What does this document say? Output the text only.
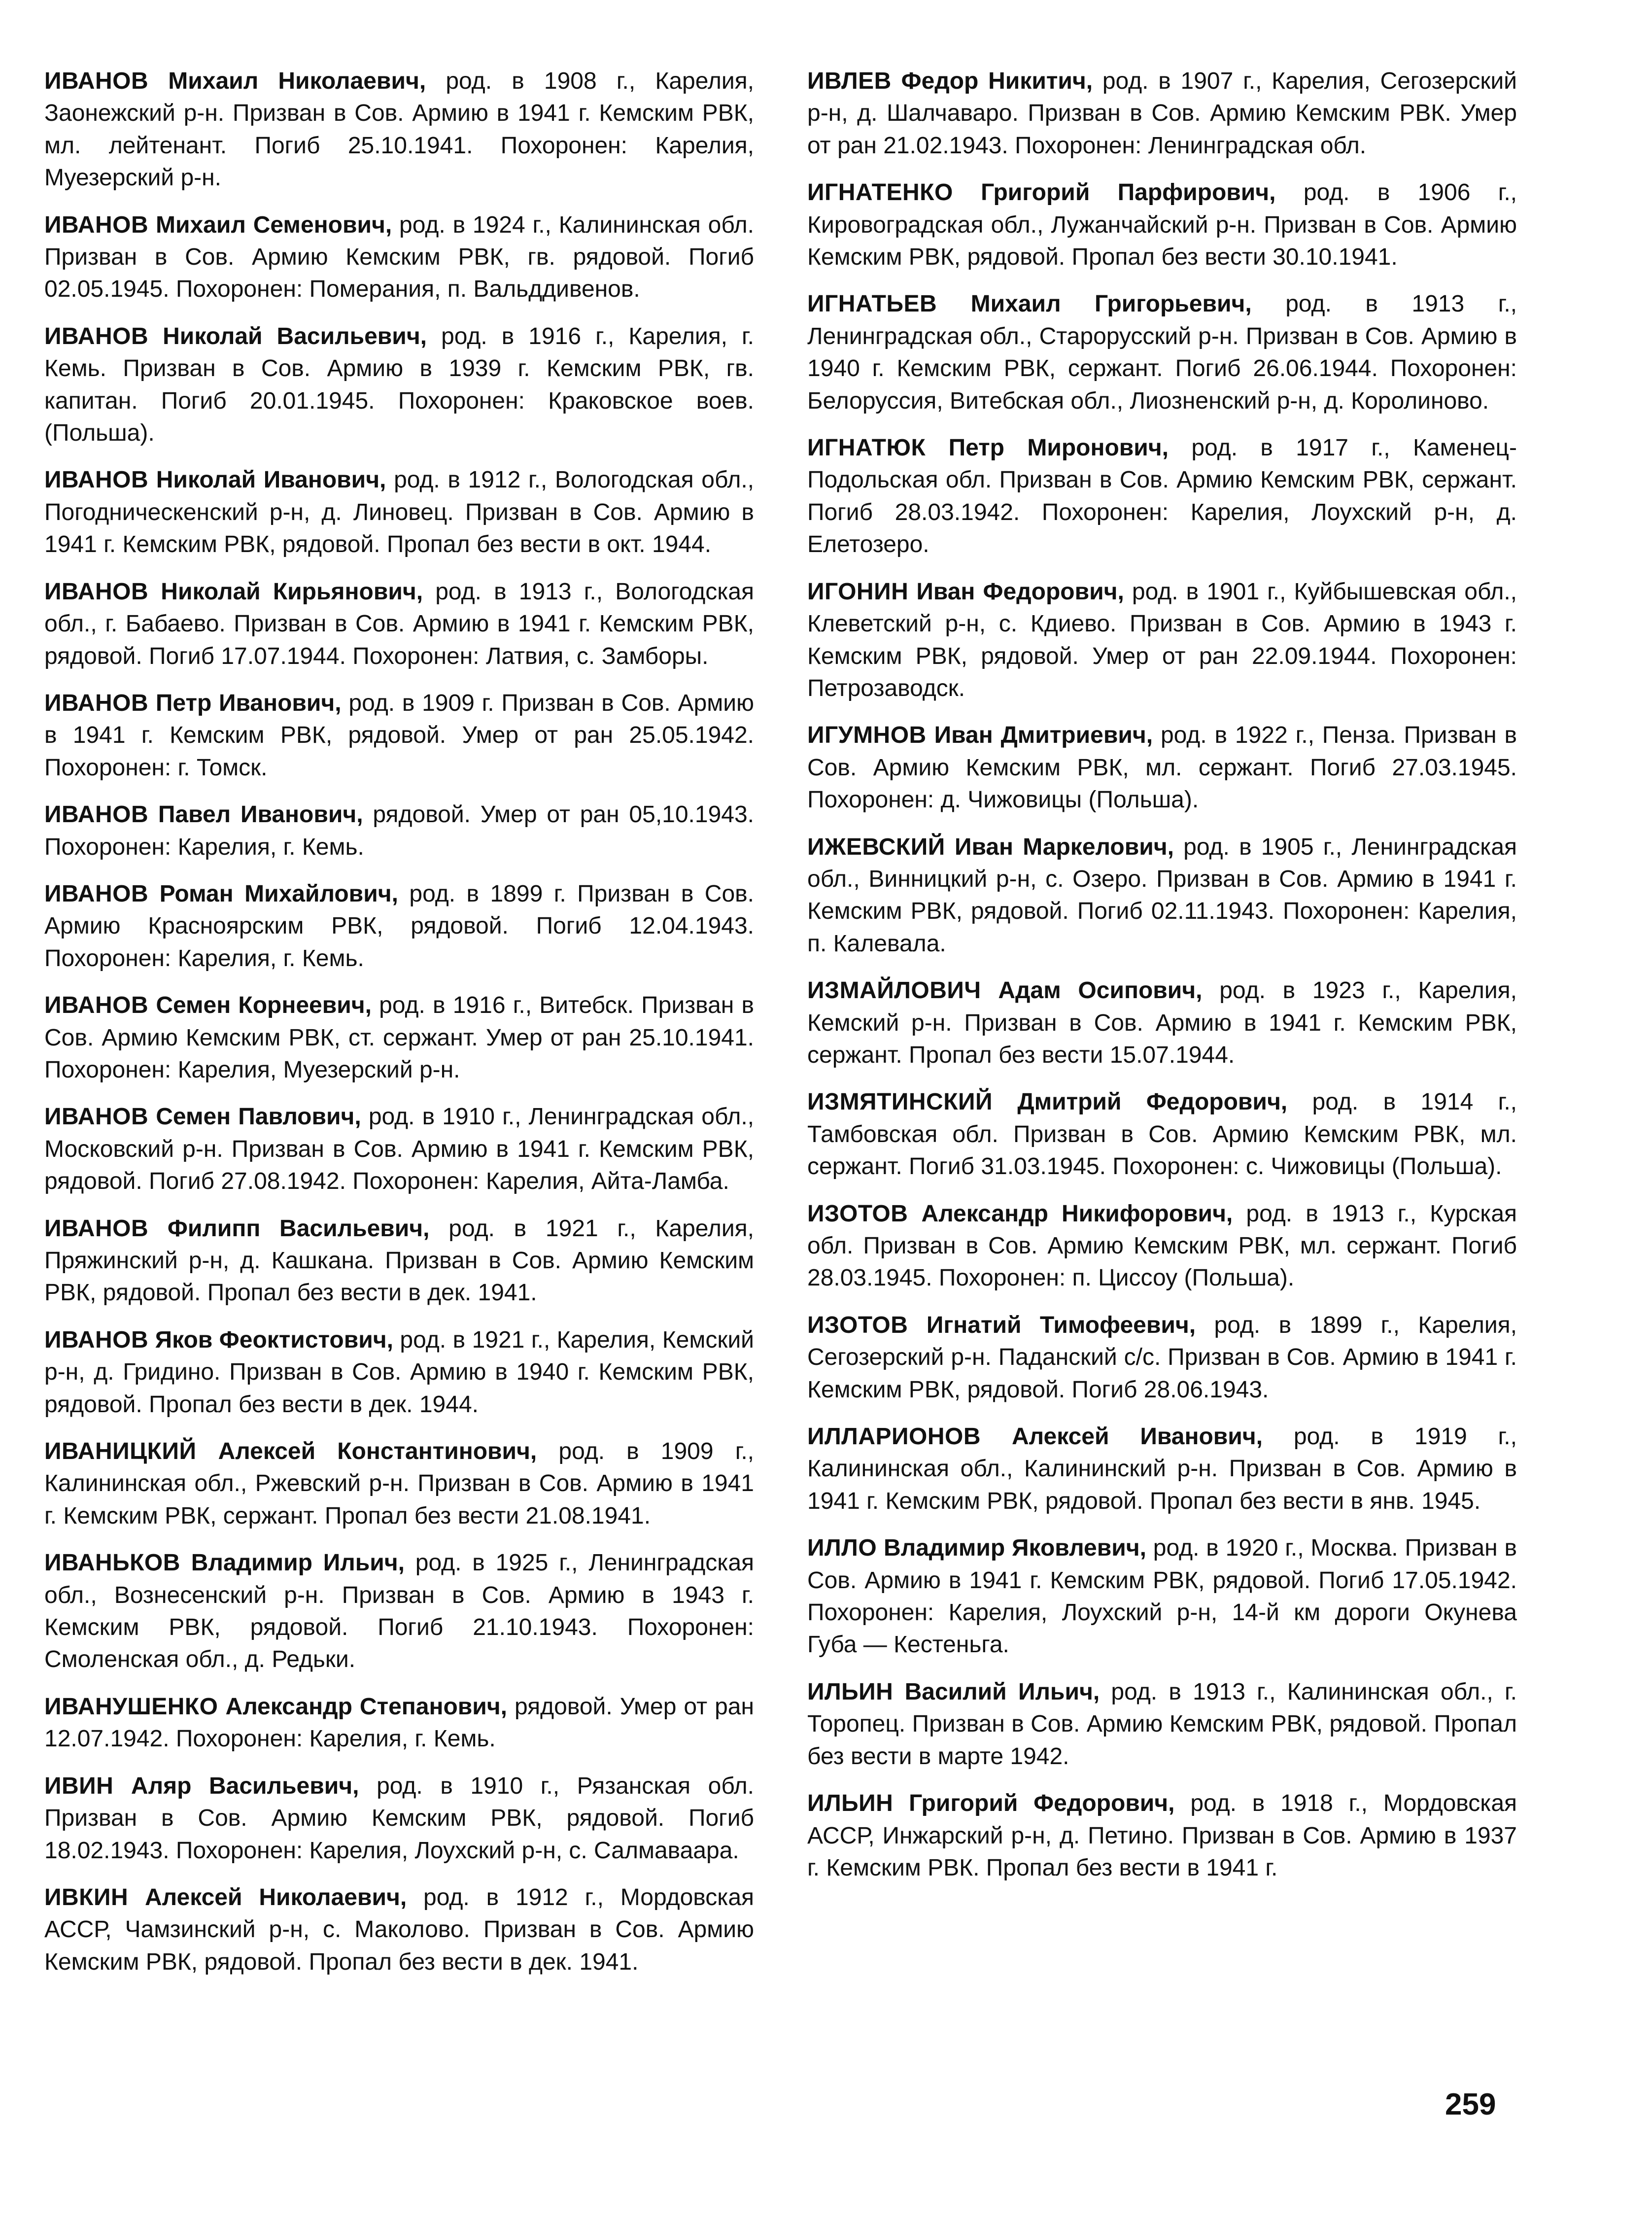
ИВАНОВ Михаил Николаевич, род. в 1908 г., Карелия, Заонежский р-н. Призван в Сов. Армию в 1941 г. Кемским РВК, мл. лейтенант. Погиб 25.10.1941. Похоронен: Карелия, Муезерский р-н.

ИВАНОВ Михаил Семенович, род. в 1924 г., Калининская обл. Призван в Сов. Армию Кемским РВК, гв. рядовой. Погиб 02.05.1945. Похоронен: Померания, п. Вальддивенов.

ИВАНОВ Николай Васильевич, род. в 1916 г., Карелия, г. Кемь. Призван в Сов. Армию в 1939 г. Кемским РВК, гв. капитан. Погиб 20.01.1945. Похоронен: Краковское воев. (Польша).

ИВАНОВ Николай Иванович, род. в 1912 г., Вологодская обл., Погодническенский р-н, д. Линовец. Призван в Сов. Армию в 1941 г. Кемским РВК, рядовой. Пропал без вести в окт. 1944.

ИВАНОВ Николай Кирьянович, род. в 1913 г., Вологодская обл., г. Бабаево. Призван в Сов. Армию в 1941 г. Кемским РВК, рядовой. Погиб 17.07.1944. Похоронен: Латвия, с. Замборы.

ИВАНОВ Петр Иванович, род. в 1909 г. Призван в Сов. Армию в 1941 г. Кемским РВК, рядовой. Умер от ран 25.05.1942. Похоронен: г. Томск.

ИВАНОВ Павел Иванович, рядовой. Умер от ран 05,10.1943. Похоронен: Карелия, г. Кемь.

ИВАНОВ Роман Михайлович, род. в 1899 г. Призван в Сов. Армию Красноярским РВК, рядовой. Погиб 12.04.1943. Похоронен: Карелия, г. Кемь.

ИВАНОВ Семен Корнеевич, род. в 1916 г., Витебск. Призван в Сов. Армию Кемским РВК, ст. сержант. Умер от ран 25.10.1941. Похоронен: Карелия, Муезерский р-н.

ИВАНОВ Семен Павлович, род. в 1910 г., Ленинградская обл., Московский р-н. Призван в Сов. Армию в 1941 г. Кемским РВК, рядовой. Погиб 27.08.1942. Похоронен: Карелия, Айта-Ламба.

ИВАНОВ Филипп Васильевич, род. в 1921 г., Карелия, Пряжинский р-н, д. Кашкана. Призван в Сов. Армию Кемским РВК, рядовой. Пропал без вести в дек. 1941.

ИВАНОВ Яков Феоктистович, род. в 1921 г., Карелия, Кемский р-н, д. Гридино. Призван в Сов. Армию в 1940 г. Кемским РВК, рядовой. Пропал без вести в дек. 1944.

ИВАНИЦКИЙ Алексей Константинович, род. в 1909 г., Калининская обл., Ржевский р-н. Призван в Сов. Армию в 1941 г. Кемским РВК, сержант. Пропал без вести 21.08.1941.

ИВАНЬКОВ Владимир Ильич, род. в 1925 г., Ленинградская обл., Вознесенский р-н. Призван в Сов. Армию в 1943 г. Кемским РВК, рядовой. Погиб 21.10.1943. Похоронен: Смоленская обл., д. Редьки.

ИВАНУШЕНКО Александр Степанович, рядовой. Умер от ран 12.07.1942. Похоронен: Карелия, г. Кемь.

ИВИН Аляр Васильевич, род. в 1910 г., Рязанская обл. Призван в Сов. Армию Кемским РВК, рядовой. Погиб 18.02.1943. Похоронен: Карелия, Лоухский р-н, с. Салмаваара.

ИВКИН Алексей Николаевич, род. в 1912 г., Мордовская АССР, Чамзинский р-н, с. Маколово. Призван в Сов. Армию Кемским РВК, рядовой. Пропал без вести в дек. 1941.

ИВЛЕВ Федор Никитич, род. в 1907 г., Карелия, Сегозерский р-н, д. Шалчаваро. Призван в Сов. Армию Кемским РВК. Умер от ран 21.02.1943. Похоронен: Ленинградская обл.

ИГНАТЕНКО Григорий Парфирович, род. в 1906 г., Кировоградская обл., Лужанчайский р-н. Призван в Сов. Армию Кемским РВК, рядовой. Пропал без вести 30.10.1941.

ИГНАТЬЕВ Михаил Григорьевич, род. в 1913 г., Ленинградская обл., Старорусский р-н. Призван в Сов. Армию в 1940 г. Кемским РВК, сержант. Погиб 26.06.1944. Похоронен: Белоруссия, Витебская обл., Лиозненский р-н, д. Королиново.

ИГНАТЮК Петр Миронович, род. в 1917 г., Каменец-Подольская обл. Призван в Сов. Армию Кемским РВК, сержант. Погиб 28.03.1942. Похоронен: Карелия, Лоухский р-н, д. Елетозеро.

ИГОНИН Иван Федорович, род. в 1901 г., Куйбышевская обл., Клеветский р-н, с. Кдиево. Призван в Сов. Армию в 1943 г. Кемским РВК, рядовой. Умер от ран 22.09.1944. Похоронен: Петрозаводск.

ИГУМНОВ Иван Дмитриевич, род. в 1922 г., Пенза. Призван в Сов. Армию Кемским РВК, мл. сержант. Погиб 27.03.1945. Похоронен: д. Чижовицы (Польша).

ИЖЕВСКИЙ Иван Маркелович, род. в 1905 г., Ленинградская обл., Винницкий р-н, с. Озеро. Призван в Сов. Армию в 1941 г. Кемским РВК, рядовой. Погиб 02.11.1943. Похоронен: Карелия, п. Калевала.

ИЗМАЙЛОВИЧ Адам Осипович, род. в 1923 г., Карелия, Кемский р-н. Призван в Сов. Армию в 1941 г. Кемским РВК, сержант. Пропал без вести 15.07.1944.

ИЗМЯТИНСКИЙ Дмитрий Федорович, род. в 1914 г., Тамбовская обл. Призван в Сов. Армию Кемским РВК, мл. сержант. Погиб 31.03.1945. Похоронен: с. Чижовицы (Польша).

ИЗОТОВ Александр Никифорович, род. в 1913 г., Курская обл. Призван в Сов. Армию Кемским РВК, мл. сержант. Погиб 28.03.1945. Похоронен: п. Циссоу (Польша).

ИЗОТОВ Игнатий Тимофеевич, род. в 1899 г., Карелия, Сегозерский р-н. Паданский с/с. Призван в Сов. Армию в 1941 г. Кемским РВК, рядовой. Погиб 28.06.1943.

ИЛЛАРИОНОВ Алексей Иванович, род. в 1919 г., Калининская обл., Калининский р-н. Призван в Сов. Армию в 1941 г. Кемским РВК, рядовой. Пропал без вести в янв. 1945.

ИЛЛО Владимир Яковлевич, род. в 1920 г., Москва. Призван в Сов. Армию в 1941 г. Кемским РВК, рядовой. Погиб 17.05.1942. Похоронен: Карелия, Лоухский р-н, 14-й км дороги Окунева Губа — Кестеньга.

ИЛЬИН Василий Ильич, род. в 1913 г., Калининская обл., г. Торопец. Призван в Сов. Армию Кемским РВК, рядовой. Пропал без вести в марте 1942.

ИЛЬИН Григорий Федорович, род. в 1918 г., Мордовская АССР, Инжарский р-н, д. Петино. Призван в Сов. Армию в 1937 г. Кемским РВК. Пропал без вести в 1941 г.

259
